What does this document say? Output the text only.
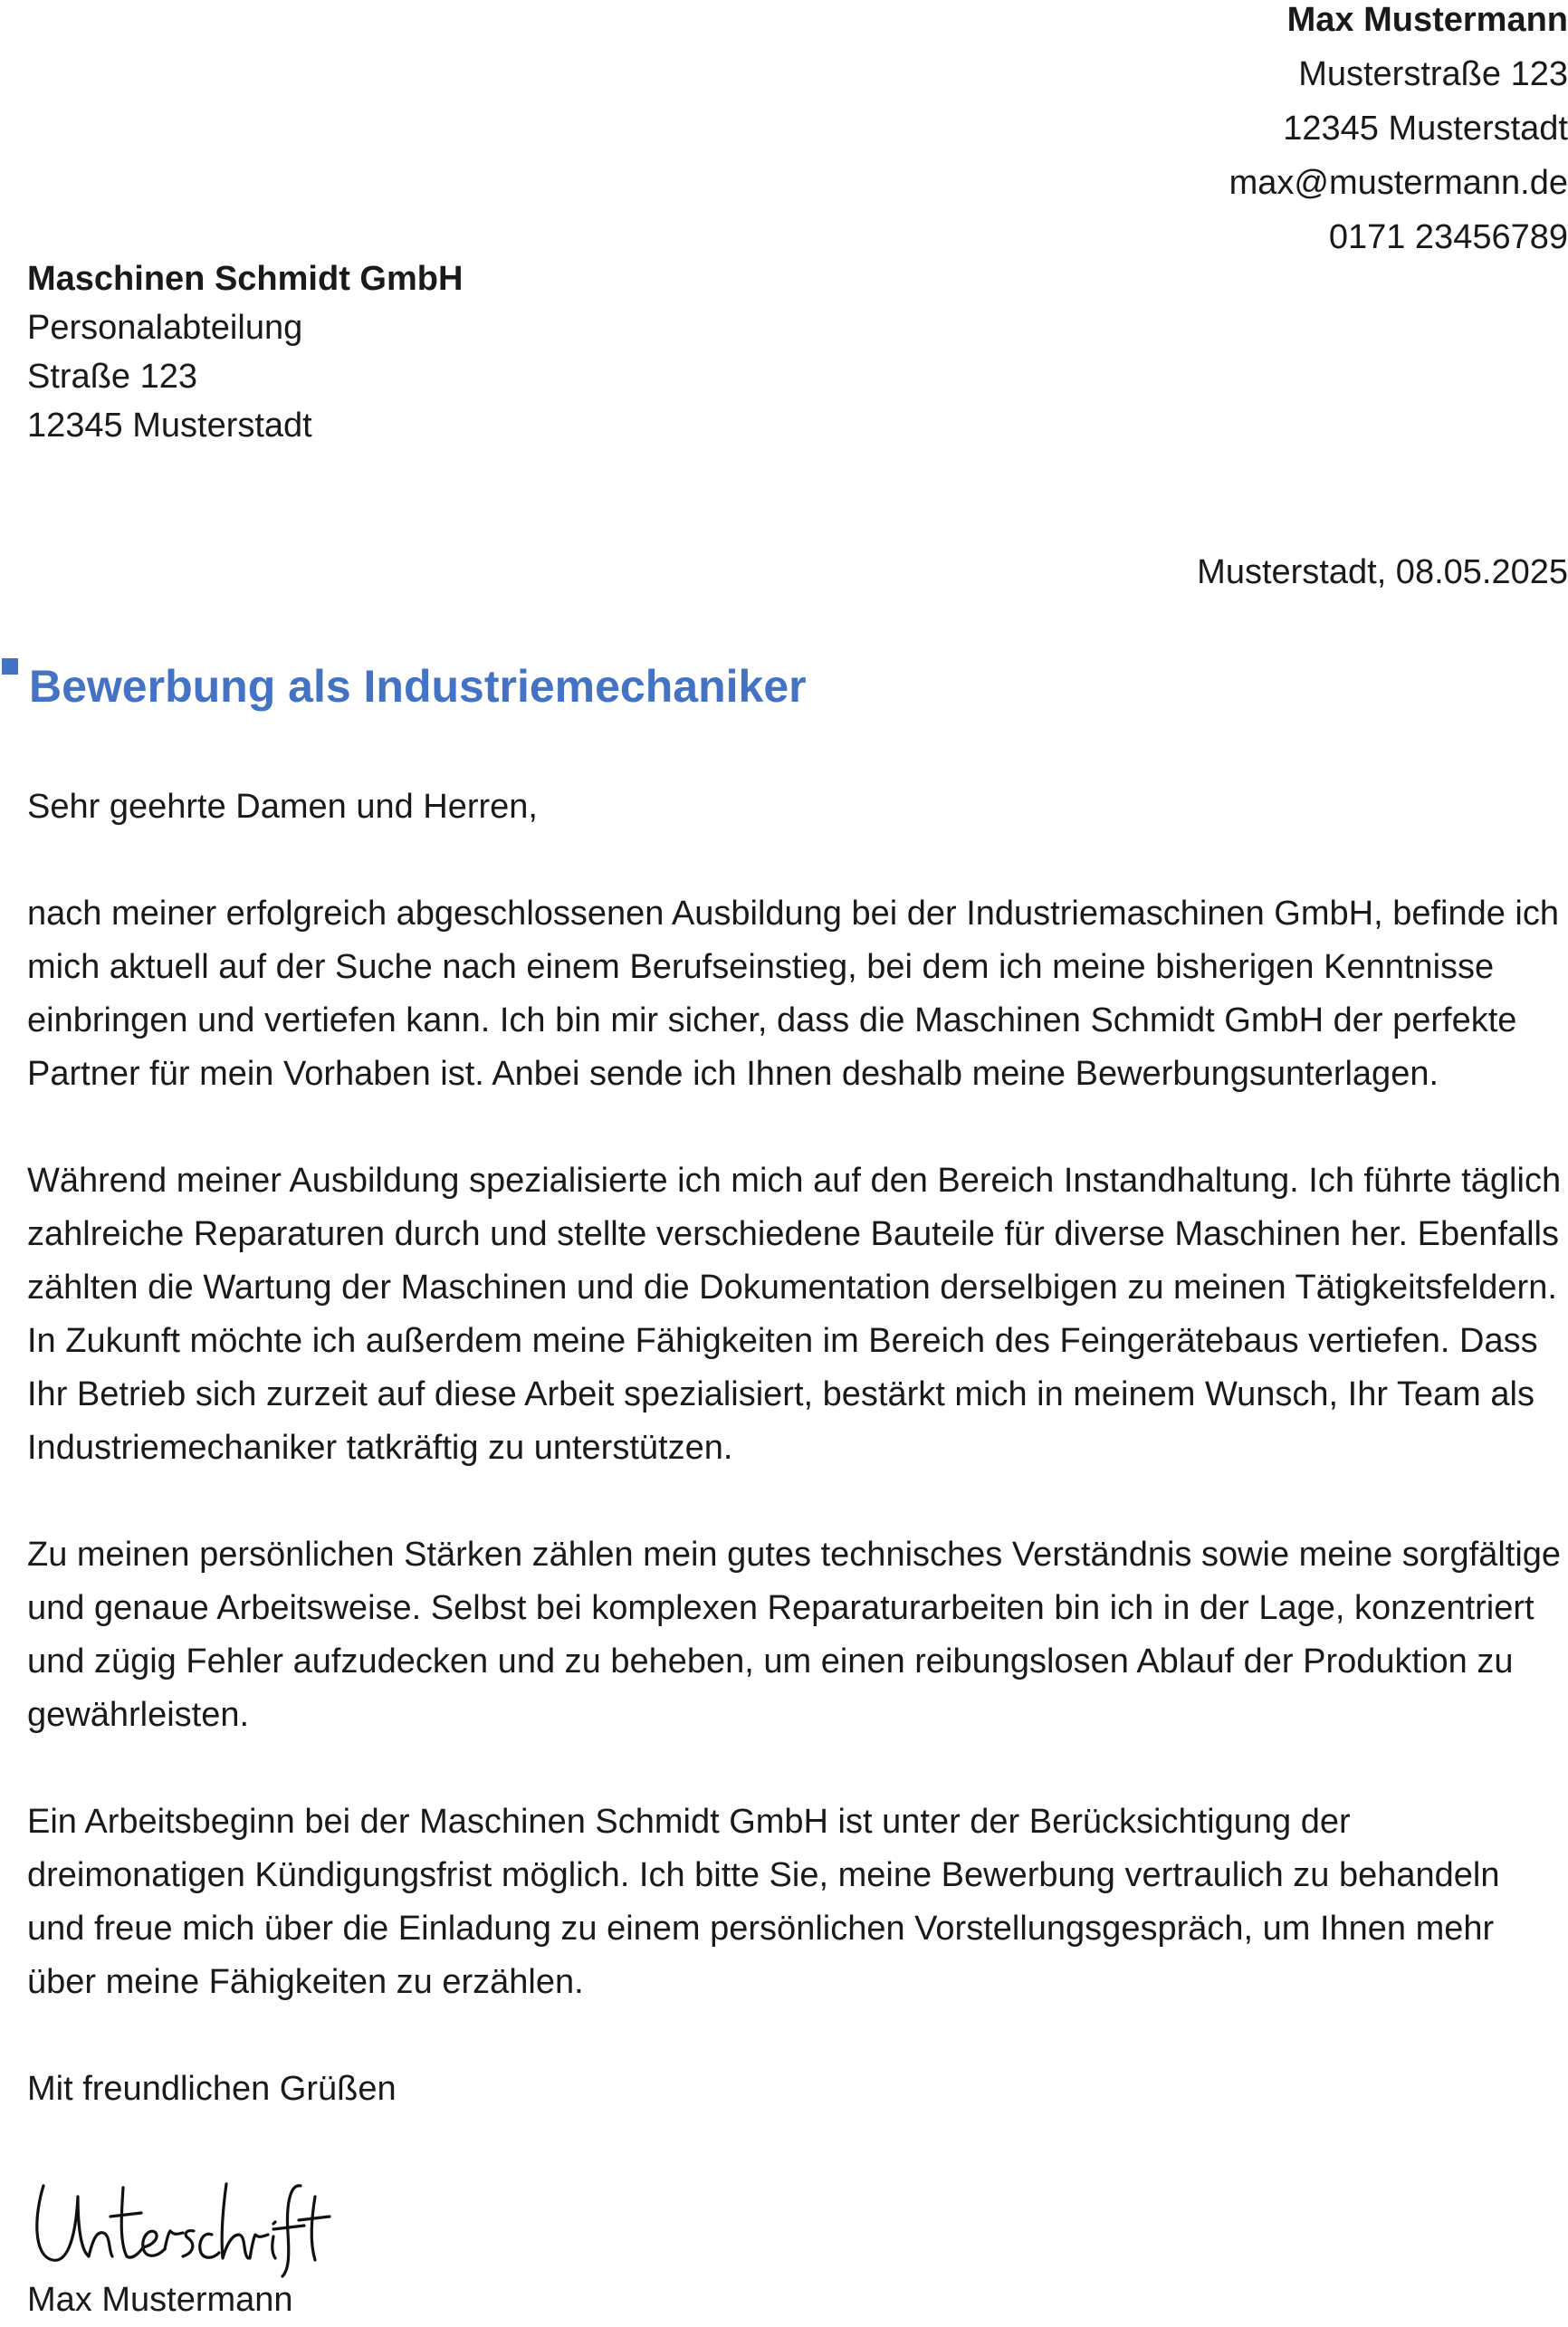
Max Mustermann
Musterstraße 123
12345 Musterstadt
max@mustermann.de
0171 23456789
Maschinen Schmidt GmbH
Personalabteilung
Straße 123
12345 Musterstadt
Musterstadt, 08.05.2025
Bewerbung als Industriemechaniker

Sehr geehrte Damen und Herren,

nach meiner erfolgreich abgeschlossenen Ausbildung bei der Industriemaschinen GmbH, befinde ich mich aktuell auf der Suche nach einem Berufseinstieg, bei dem ich meine bisherigen Kenntnisse einbringen und vertiefen kann. Ich bin mir sicher, dass die Maschinen Schmidt GmbH der perfekte Partner für mein Vorhaben ist. Anbei sende ich Ihnen deshalb meine Bewerbungsunterlagen.

Während meiner Ausbildung spezialisierte ich mich auf den Bereich Instandhaltung. Ich führte täglich zahlreiche Reparaturen durch und stellte verschiedene Bauteile für diverse Maschinen her. Ebenfalls zählten die Wartung der Maschinen und die Dokumentation derselbigen zu meinen Tätigkeitsfeldern. In Zukunft möchte ich außerdem meine Fähigkeiten im Bereich des Feingerätebaus vertiefen. Dass Ihr Betrieb sich zurzeit auf diese Arbeit spezialisiert, bestärkt mich in meinem Wunsch, Ihr Team als Industriemechaniker tatkräftig zu unterstützen.

Zu meinen persönlichen Stärken zählen mein gutes technisches Verständnis sowie meine sorgfältige und genaue Arbeitsweise. Selbst bei komplexen Reparaturarbeiten bin ich in der Lage, konzentriert und zügig Fehler aufzudecken und zu beheben, um einen reibungslosen Ablauf der Produktion zu gewährleisten.

Ein Arbeitsbeginn bei der Maschinen Schmidt GmbH ist unter der Berücksichtigung der dreimonatigen Kündigungsfrist möglich. Ich bitte Sie, meine Bewerbung vertraulich zu behandeln und freue mich über die Einladung zu einem persönlichen Vorstellungsgespräch, um Ihnen mehr über meine Fähigkeiten zu erzählen.

Mit freundlichen Grüßen

Max Mustermann
